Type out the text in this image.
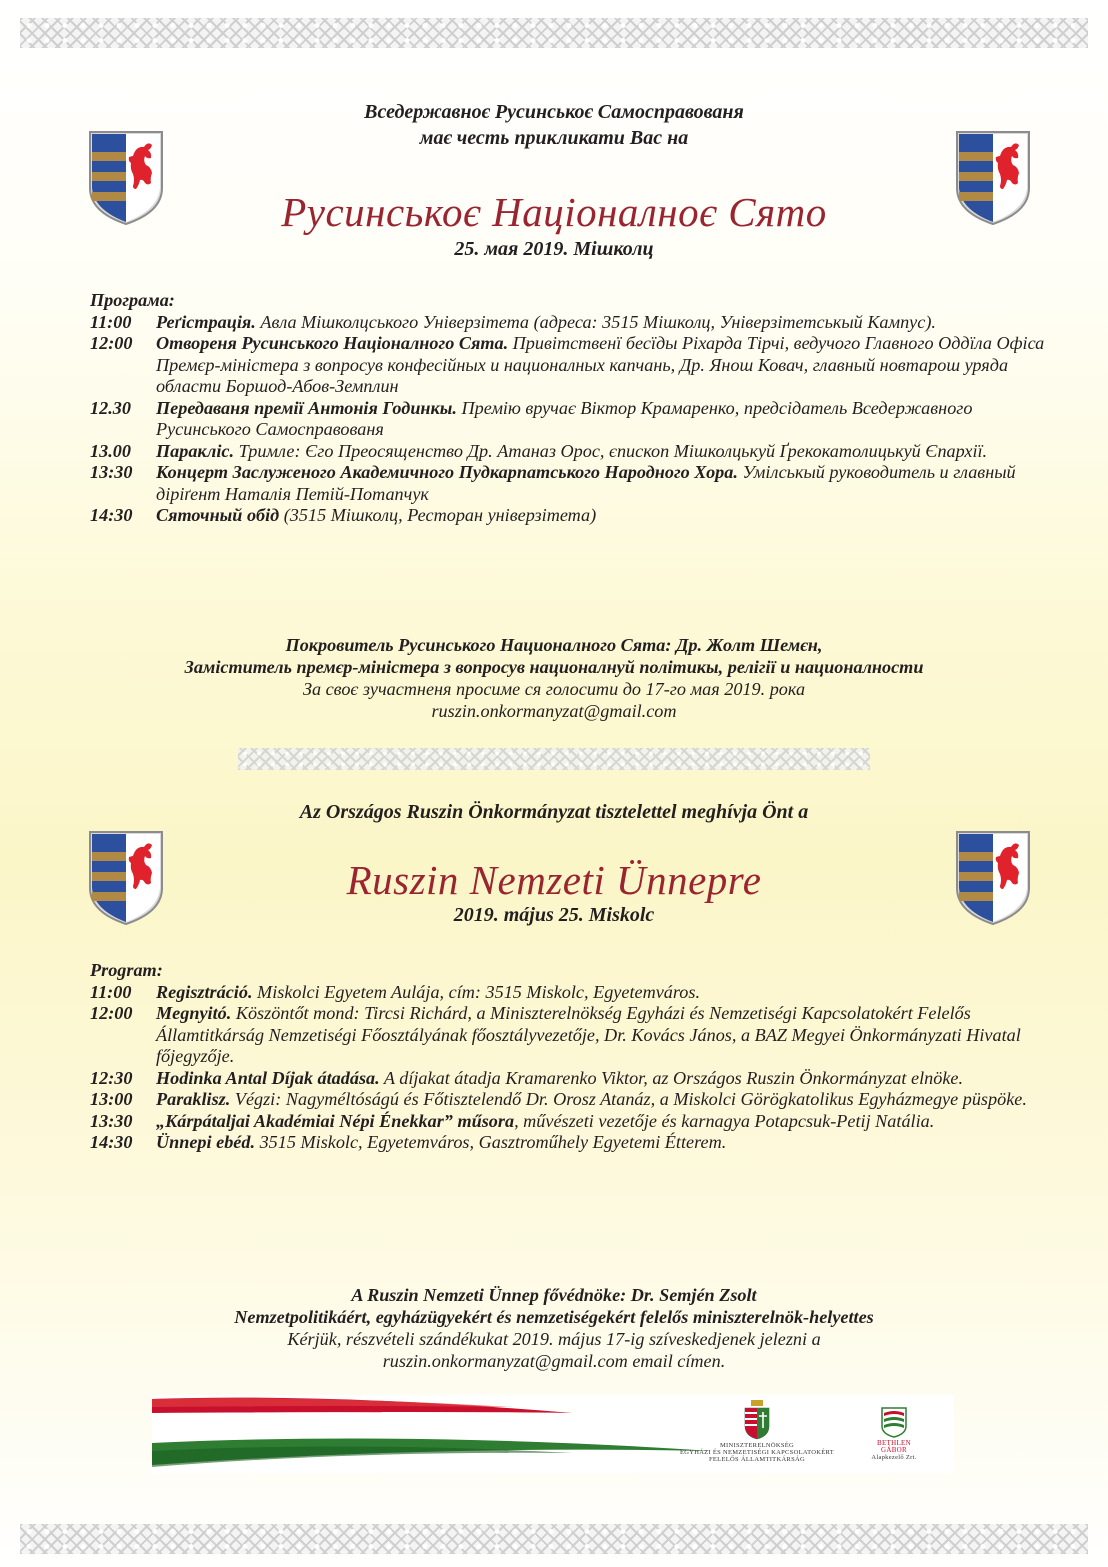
Вседержавноє Русинськоє Самосправованя
має честь прикликати Вас на
Русинськоє Націоналноє Сято
25. мая 2019. Мішколц
Програма:
11:00	Реґістрація. Авла Мішколцського Універзітета (адреса: 3515 Мішколц, Універзітетськый Кампус).
12:00	Отвореня Русинського Націоналного Сята. Привітственї бесїды Ріхарда Тірчі, ведучого Главного Оддїла Офіса Премєр-міністера з вопросув конфесійных и националных капчань, Др. Янош Ковач, главный новтарош уряда области Боршод-Абов-Земплин
12.30	Передаваня премії Антонія Годинкы. Премію вручає Віктор Крамаренко, предсідатель Вседержавного Русинського Самосправованя
13.00	Паракліс. Тримле: Єго Преосященство Др. Атаназ Орос, єпископ Мішколцькуй Ґрекокатолицькуй Єпархії.
13:30	Концерт Заслуженого Академичного Пудкарпатського Народного Хора. Умілськый руководитель и главный діріґент Наталія Петій-Потапчук
14:30	Сяточный обід (3515 Мішколц, Ресторан універзітета)
Покровитель Русинського Националного Сята: Др. Жолт Шемєн,
Заміститель премєр-міністера з вопросув националнуй політикы, релігії и националности
За своє зучастненя просиме ся голосити до 17-го мая 2019. рока
ruszin.onkormanyzat@gmail.com
Az Országos Ruszin Önkormányzat tisztelettel meghívja Önt a
Ruszin Nemzeti Ünnepre
2019. május 25. Miskolc
Program:
11:00	Regisztráció. Miskolci Egyetem Aulája, cím: 3515 Miskolc, Egyetemváros.
12:00	Megnyitó. Köszöntőt mond: Tircsi Richárd, a Miniszterelnökség Egyházi és Nemzetiségi Kapcsolatokért Felelős Államtitkárság Nemzetiségi Főosztályának főosztályvezetője, Dr. Kovács János, a BAZ Megyei Önkormányzati Hivatal főjegyzője.
12:30	Hodinka Antal Díjak átadása. A díjakat átadja Kramarenko Viktor, az Országos Ruszin Önkormányzat elnöke.
13:00	Paraklisz. Végzi: Nagyméltóságú és Főtisztelendő Dr. Orosz Atanáz, a Miskolci Görögkatolikus Egyházmegye püspöke.
13:30	„Kárpátaljai Akadémiai Népi Énekkar” műsora, művészeti vezetője és karnagya Potapcsuk-Petij Natália.
14:30	Ünnepi ebéd. 3515 Miskolc, Egyetemváros, Gasztroműhely Egyetemi Étterem.
A Ruszin Nemzeti Ünnep fővédnöke: Dr. Semjén Zsolt
Nemzetpolitikáért, egyházügyekért és nemzetiségekért felelős miniszterelnök-helyettes
Kérjük, részvételi szándékukat 2019. május 17-ig szíveskedjenek jelezni a
ruszin.onkormanyzat@gmail.com email címen.
MINISZTERELNÖKSÉG
EGYHÁZI ÉS NEMZETISÉGI KAPCSOLATOKÉRT
FELELŐS ÁLLAMTITKÁRSÁG
BETHLEN GÁBOR
Alapkezelő Zrt.
